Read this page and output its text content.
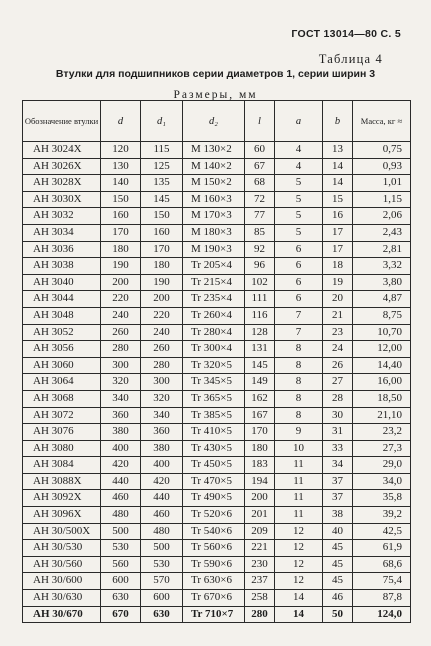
ГОСТ 13014—80 С. 5
Таблица 4
Втулки для подшипников серии диаметров 1, серии ширин 3
Размеры, мм
Обозначение втулки	d	d₁	d₂	l	a	b	Масса, кг ≈
АН 3024Х	120	115	М 130×2	60	4	13	0,75
АН 3026Х	130	125	М 140×2	67	4	14	0,93
АН 3028Х	140	135	М 150×2	68	5	14	1,01
АН 3030Х	150	145	М 160×3	72	5	15	1,15
АН 3032	160	150	М 170×3	77	5	16	2,06
АН 3034	170	160	М 180×3	85	5	17	2,43
АН 3036	180	170	М 190×3	92	6	17	2,81
АН 3038	190	180	Tr 205×4	96	6	18	3,32
АН 3040	200	190	Tr 215×4	102	6	19	3,80
АН 3044	220	200	Tr 235×4	111	6	20	4,87
АН 3048	240	220	Tr 260×4	116	7	21	8,75
АН 3052	260	240	Tr 280×4	128	7	23	10,70
АН 3056	280	260	Tr 300×4	131	8	24	12,00
АН 3060	300	280	Tr 320×5	145	8	26	14,40
АН 3064	320	300	Tr 345×5	149	8	27	16,00
АН 3068	340	320	Tr 365×5	162	8	28	18,50
АН 3072	360	340	Tr 385×5	167	8	30	21,10
АН 3076	380	360	Tr 410×5	170	9	31	23,2
АН 3080	400	380	Tr 430×5	180	10	33	27,3
АН 3084	420	400	Tr 450×5	183	11	34	29,0
АН 3088Х	440	420	Tr 470×5	194	11	37	34,0
АН 3092Х	460	440	Tr 490×5	200	11	37	35,8
АН 3096Х	480	460	Tr 520×6	201	11	38	39,2
АН 30/500Х	500	480	Tr 540×6	209	12	40	42,5
АН 30/530	530	500	Tr 560×6	221	12	45	61,9
АН 30/560	560	530	Tr 590×6	230	12	45	68,6
АН 30/600	600	570	Tr 630×6	237	12	45	75,4
АН 30/630	630	600	Tr 670×6	258	14	46	87,8
АН 30/670	670	630	Tr 710×7	280	14	50	124,0
